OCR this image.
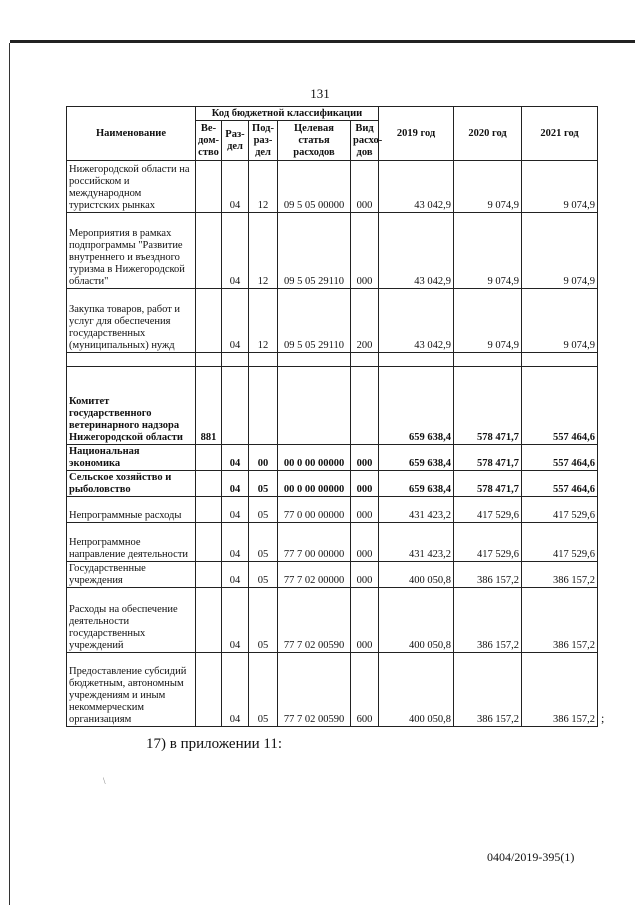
131
Наименование	Код бюджетной классификации					2019 год	2020 год	2021 год
	Ве-дом-ство	Раз-дел	Под-раз-дел	Целевая статья расходов	Вид расхо-дов			
Нижегородской области на российском и международном туристских рынках		04	12	09 5 05 00000	000	43 042,9	9 074,9	9 074,9
Мероприятия в рамках подпрограммы "Развитие внутреннего и въездного туризма в Нижегородской области"		04	12	09 5 05 29110	000	43 042,9	9 074,9	9 074,9
Закупка товаров, работ и услуг для обеспечения государственных (муниципальных) нужд		04	12	09 5 05 29110	200	43 042,9	9 074,9	9 074,9

Комитет государственного ветеринарного надзора Нижегородской области	881					659 638,4	578 471,7	557 464,6
Национальная экономика		04	00	00 0 00 00000	000	659 638,4	578 471,7	557 464,6
Сельское хозяйство и рыболовство		04	05	00 0 00 00000	000	659 638,4	578 471,7	557 464,6
Непрограммные расходы		04	05	77 0 00 00000	000	431 423,2	417 529,6	417 529,6
Непрограммное направление деятельности		04	05	77 7 00 00000	000	431 423,2	417 529,6	417 529,6
Государственные учреждения		04	05	77 7 02 00000	000	400 050,8	386 157,2	386 157,2
Расходы на обеспечение деятельности государственных учреждений		04	05	77 7 02 00590	000	400 050,8	386 157,2	386 157,2
Предоставление субсидий бюджетным, автономным учреждениям и иным некоммерческим организациям		04	05	77 7 02 00590	600	400 050,8	386 157,2	386 157,2 ;
17) в приложении 11:
\
0404/2019-395(1)
